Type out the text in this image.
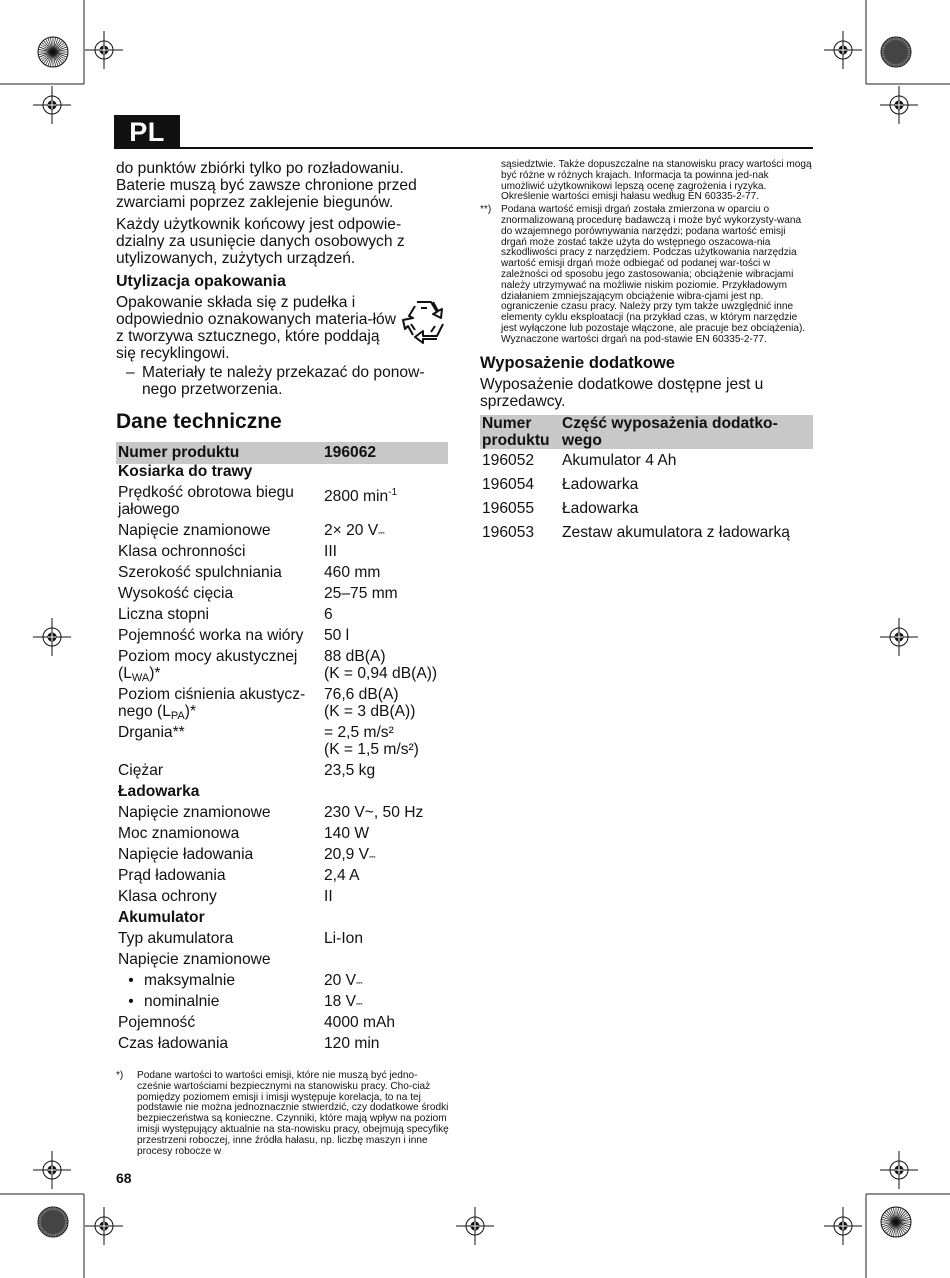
PL

do punktów zbiórki tylko po rozładowaniu. Baterie muszą być zawsze chronione przed zwarciami poprzez zaklejenie biegunów.

Każdy użytkownik końcowy jest odpowie-dzialny za usunięcie danych osobowych z utylizowanych, zużytych urządzeń.

Utylizacja opakowania

Opakowanie składa się z pudełka i odpowiednio oznakowanych materia-łów z tworzywa sztucznego, które poddają się recyklingowi.

– Materiały te należy przekazać do ponow-nego przetworzenia.
Dane techniczne
Numer produktu	196062
Kosiarka do trawy	
Prędkość obrotowa biegu jałowego	2800 $\min^{-1}$
Napięcie znamionowe	2× 20 V⎓
Klasa ochronności	III
Szerokość spulchniania	460 mm
Wysokość cięcia	25–75 mm
Liczna stopni	6
Pojemność worka na wióry	50 l
Poziom mocy akustycznej $(L_{WA})*$	88 dB(A)
(K = 0,94 dB(A))

Poziom ciśnienia akustycz-nego $(L_{PA})*$	76,6 dB(A)
(K = 3 dB(A))

Drgania**	= 2,5 m/s²
(K = 1,5 m/s²)

Ciężar	23,5 kg
Ładowarka	
Napięcie znamionowe	230 V~, 50 Hz
Moc znamionowa	140 W
Napięcie ładowania	20,9 V⎓
Prąd ładowania	2,4 A
Klasa ochrony	II
Akumulator	
Typ akumulatora	Li-Ion
Napięcie znamionowe	
• maksymalnie	20 V⎓
• nominalnie	18 V⎓
Pojemność	4000 mAh
Czas ładowania	120 min

*) Podane wartości to wartości emisji, które nie muszą być jedno-cześnie wartościami bezpiecznymi na stanowisku pracy. Cho-ciaż pomiędzy poziomem emisji i imisji występuje korelacja, to na tej podstawie nie można jednoznacznie stwierdzić, czy dodatkowe środki bezpieczeństwa są konieczne. Czynniki, które mają wpływ na poziom imisji występujący aktualnie na sta-nowisku pracy, obejmują specyfikę przestrzeni roboczej, inne źródła hałasu, np. liczbę maszyn i inne procesy robocze w

sąsiedztwie. Także dopuszczalne na stanowisku pracy wartości mogą być różne w różnych krajach. Informacja ta powinna jed-nak umożliwić użytkownikowi lepszą ocenę zagrożenia i ryzyka. Określenie wartości emisji hałasu według EN 60335-2-77.

**) Podana wartość emisji drgań została zmierzona w oparciu o znormalizowaną procedurę badawczą i może być wykorzysty-wana do wzajemnego porównywania narzędzi; podana wartość emisji drgań może zostać także użyta do wstępnego oszacowa-nia szkodliwości pracy z narzędziem. Podczas użytkowania narzędzia wartość emisji drgań może odbiegać od podanej war-tości w zależności od sposobu jego zastosowania; obciążenie wibracjami należy utrzymywać na możliwie niskim poziomie. Przykładowym działaniem zmniejszającym obciążenie wibra-cjami jest np. ograniczenie czasu pracy. Należy przy tym także uwzględnić inne elementy cyklu eksploatacji (na przykład czas, w którym narzędzie jest wyłączone lub pozostaje włączone, ale pracuje bez obciążenia). Wyznaczone wartości drgań na pod-stawie EN 60335-2-77.

Wyposażenie dodatkowe

Wyposażenie dodatkowe dostępne jest u sprzedawcy.

Numer produktu	Część wyposażenia dodatko-wego
196052	Akumulator 4 Ah
196054	Ładowarka
196055	Ładowarka
196053	Zestaw akumulatora z ładowarką
68
